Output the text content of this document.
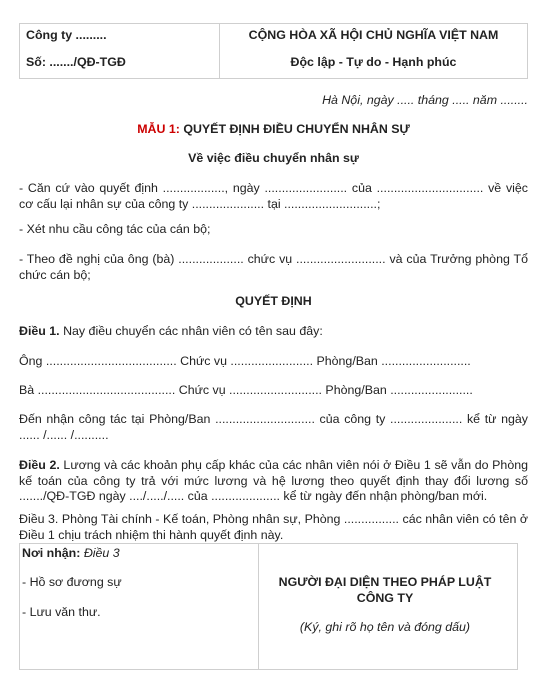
Công ty .........
Số: ......./QĐ-TGĐ
CỘNG HÒA XÃ HỘI CHỦ NGHĨA VIỆT NAM
Độc lập - Tự do - Hạnh phúc
Hà Nội, ngày ..... tháng ..... năm ........
MẪU 1: QUYẾT ĐỊNH ĐIỀU CHUYỂN NHÂN SỰ
Về việc điều chuyển nhân sự
- Căn cứ vào quyết định .................., ngày ........................ của ............................... về việc cơ cấu lại nhân sự của công ty ..................... tại ...........................;
- Xét nhu cầu công tác của cán bộ;
- Theo đề nghị của ông (bà) ................... chức vụ .......................... và của Trưởng phòng Tổ chức cán bộ;
QUYẾT ĐỊNH
Điều 1. Nay điều chuyển các nhân viên có tên sau đây:
Ông ...................................... Chức vụ ........................ Phòng/Ban ..........................
Bà ........................................ Chức vụ ........................... Phòng/Ban ........................
Đến nhận công tác tại Phòng/Ban ............................. của công ty ..................... kể từ ngày ...... /...... /..........
Điều 2. Lương và các khoản phụ cấp khác của các nhân viên nói ở Điều 1 sẽ vẫn do Phòng kế toán của công ty trả với mức lương và hệ lương theo quyết định thay đổi lương số ......./QĐ-TGĐ ngày ..../...../..... của .................... kể từ ngày đến nhận phòng/ban mới.
Điều 3. Phòng Tài chính - Kế toán, Phòng nhân sự, Phòng ................ các nhân viên có tên ở Điều 1 chịu trách nhiệm thi hành quyết định này.
Nơi nhận: Điều 3
- Hồ sơ đương sự
- Lưu văn thư.
NGƯỜI ĐẠI DIỆN THEO PHÁP LUẬT CÔNG TY
(Ký, ghi rõ họ tên và đóng dấu)
